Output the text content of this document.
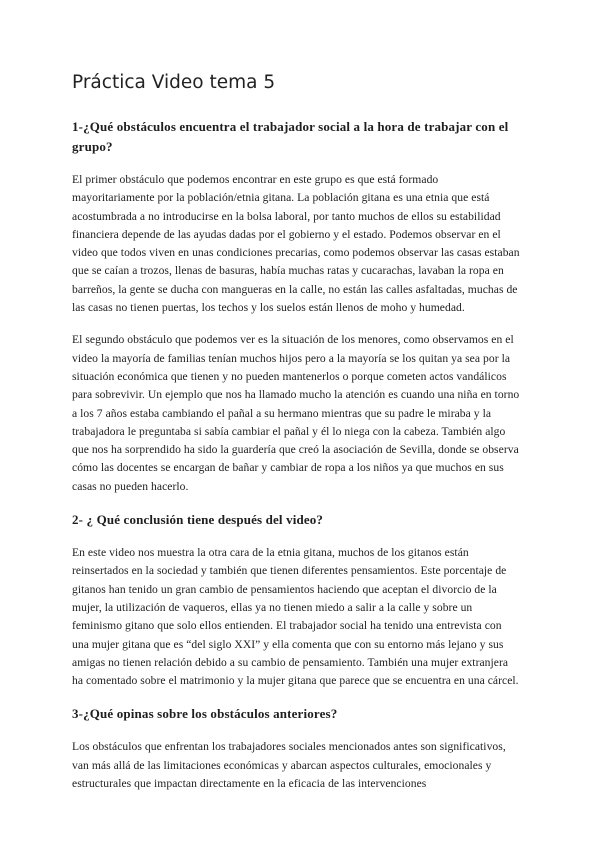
Práctica Video tema 5

1-¿Qué obstáculos encuentra el trabajador social a la hora de trabajar con el grupo?

El primer obstáculo que podemos encontrar en este grupo es que está formado mayoritariamente por la población/etnia gitana. La población gitana es una etnia que está acostumbrada a no introducirse en la bolsa laboral, por tanto muchos de ellos su estabilidad financiera depende de las ayudas dadas por el gobierno y el estado. Podemos observar en el video que todos viven en unas condiciones precarias, como podemos observar las casas estaban que se caían a trozos, llenas de basuras, había muchas ratas y cucarachas, lavaban la ropa en barreños, la gente se ducha con mangueras en la calle, no están las calles asfaltadas, muchas de las casas no tienen puertas, los techos y los suelos están llenos de moho y humedad.

El segundo obstáculo que podemos ver es la situación de los menores, como observamos en el video la mayoría de familias tenían muchos hijos pero a la mayoría se los quitan ya sea por la situación económica que tienen y no pueden mantenerlos o porque cometen actos vandálicos para sobrevivir. Un ejemplo que nos ha llamado mucho la atención es cuando una niña en torno a los 7 años estaba cambiando el pañal a su hermano mientras que su padre le miraba y la trabajadora le preguntaba si sabía cambiar el pañal y él lo niega con la cabeza. También algo que nos ha sorprendido ha sido la guardería que creó la asociación de Sevilla, donde se observa cómo las docentes se encargan de bañar y cambiar de ropa a los niños ya que muchos en sus casas no pueden hacerlo.

2- ¿ Qué conclusión tiene después del video?

En este video nos muestra la otra cara de la etnia gitana, muchos de los gitanos están reinsertados en la sociedad y también que tienen diferentes pensamientos. Este porcentaje de gitanos han tenido un gran cambio de pensamientos haciendo que aceptan el divorcio de la mujer, la utilización de vaqueros, ellas ya no tienen miedo a salir a la calle y sobre un feminismo gitano que solo ellos entienden. El trabajador social ha tenido una entrevista con una mujer gitana que es “del siglo XXI” y ella comenta que con su entorno más lejano y sus amigas no tienen relación debido a su cambio de pensamiento. También una mujer extranjera ha comentado sobre el matrimonio y la mujer gitana que parece que se encuentra en una cárcel.

3-¿Qué opinas sobre los obstáculos anteriores?

Los obstáculos que enfrentan los trabajadores sociales mencionados antes son significativos, van más allá de las limitaciones económicas y abarcan aspectos culturales, emocionales y estructurales que impactan directamente en la eficacia de las intervenciones
